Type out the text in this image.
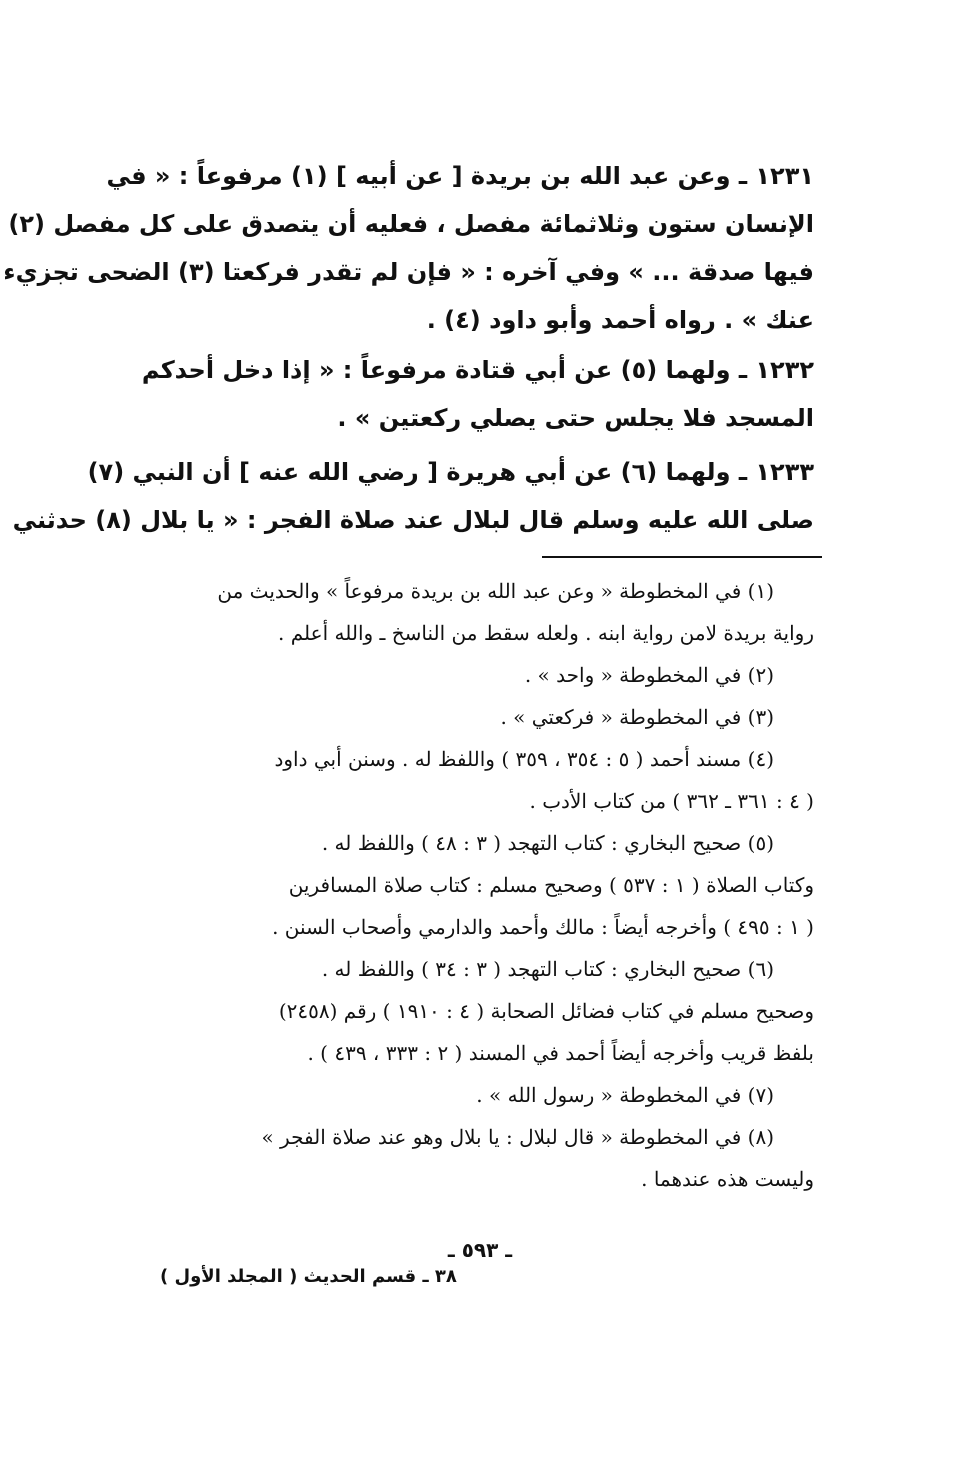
١٢٣١ ـ وعن عبد الله بن بريدة [ عن أبيه ] (١) مرفوعاً : « في
الإنسان ستون وثلاثمائة مفصل ، فعليه أن يتصدق على كل مفصل (٢)
فيها صدقة ... » وفي آخره : « فإن لم تقدر فركعتا (٣) الضحى تجزيء
عنك » . رواه أحمد وأبو داود (٤) .
١٢٣٢ ـ ولهما (٥) عن أبي قتادة مرفوعاً : « إذا دخل أحدكم
المسجد فلا يجلس حتى يصلي ركعتين » .
١٢٣٣ ـ ولهما (٦) عن أبي هريرة [ رضي الله عنه ] أن النبي (٧)
صلى الله عليه وسلم قال لبلال عند صلاة الفجر : « يا بلال (٨) حدثني
(١) في المخطوطة « وعن عبد الله بن بريدة مرفوعاً » والحديث من
رواية بريدة لامن رواية ابنه . ولعله سقط من الناسخ ـ والله أعلم .
(٢) في المخطوطة « واحد » .
(٣) في المخطوطة « فركعتي » .
(٤) مسند أحمد ( ٥ : ٣٥٤ ، ٣٥٩ ) واللفظ له . وسنن أبي داود
( ٤ : ٣٦١ ـ ٣٦٢ ) من كتاب الأدب .
(٥) صحيح البخاري : كتاب التهجد ( ٣ : ٤٨ ) واللفظ له .
وكتاب الصلاة ( ١ : ٥٣٧ ) وصحيح مسلم : كتاب صلاة المسافرين
( ١ : ٤٩٥ ) وأخرجه أيضاً : مالك وأحمد والدارمي وأصحاب السنن .
(٦) صحيح البخاري : كتاب التهجد ( ٣ : ٣٤ ) واللفظ له .
وصحيح مسلم في كتاب فضائل الصحابة ( ٤ : ١٩١٠ ) رقم (٢٤٥٨)
بلفظ قريب وأخرجه أيضاً أحمد في المسند ( ٢ : ٣٣٣ ، ٤٣٩ ) .
(٧) في المخطوطة « رسول الله » .
(٨) في المخطوطة « قال لبلال : يا بلال وهو عند صلاة الفجر »
وليست هذه عندهما .
ـ ٥٩٣ ـ
٣٨ ـ قسم الحديث ( المجلد الأول )
